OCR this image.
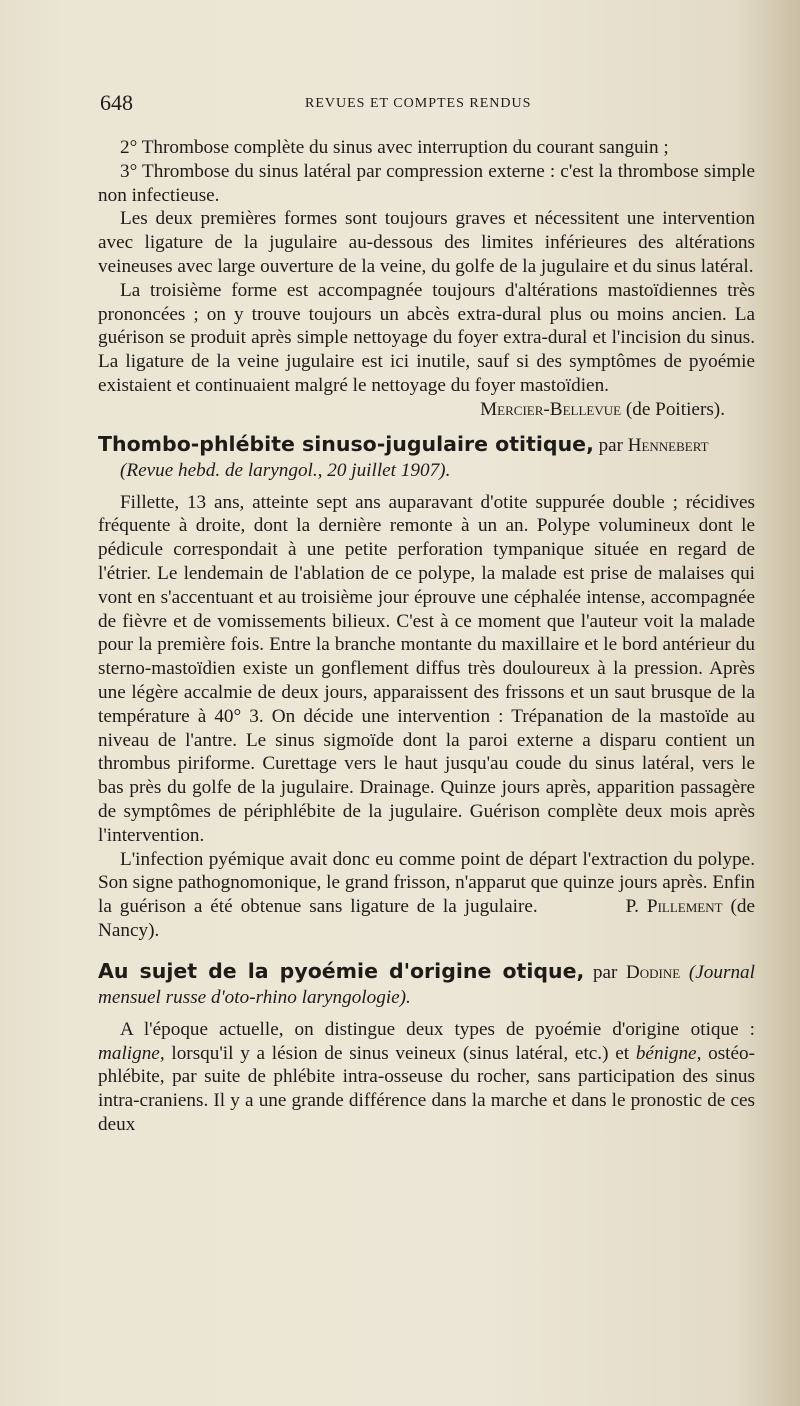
648	REVUES ET COMPTES RENDUS

2° Thrombose complète du sinus avec interruption du courant sanguin ;

3° Thrombose du sinus latéral par compression externe : c'est la thrombose simple non infectieuse.

Les deux premières formes sont toujours graves et nécessitent une intervention avec ligature de la jugulaire au-dessous des limites inférieures des altérations veineuses avec large ouverture de la veine, du golfe de la jugulaire et du sinus latéral.

La troisième forme est accompagnée toujours d'altérations mastoïdiennes très prononcées ; on y trouve toujours un abcès extra-dural plus ou moins ancien. La guérison se produit après simple nettoyage du foyer extra-dural et l'incision du sinus. La ligature de la veine jugulaire est ici inutile, sauf si des symptômes de pyoémie existaient et continuaient malgré le nettoyage du foyer mastoïdien.

Mercier-Bellevue (de Poitiers).

Thombo-phlébite sinuso-jugulaire otitique, par Hennebert
(Revue hebd. de laryngol., 20 juillet 1907).

Fillette, 13 ans, atteinte sept ans auparavant d'otite suppurée double ; récidives fréquente à droite, dont la dernière remonte à un an. Polype volumineux dont le pédicule correspondait à une petite perforation tympanique située en regard de l'étrier. Le lendemain de l'ablation de ce polype, la malade est prise de malaises qui vont en s'accentuant et au troisième jour éprouve une céphalée intense, accompagnée de fièvre et de vomissements bilieux. C'est à ce moment que l'auteur voit la malade pour la première fois. Entre la branche montante du maxillaire et le bord antérieur du sterno-mastoïdien existe un gonflement diffus très douloureux à la pression. Après une légère accalmie de deux jours, apparaissent des frissons et un saut brusque de la température à 40° 3. On décide une intervention : Trépanation de la mastoïde au niveau de l'antre. Le sinus sigmoïde dont la paroi externe a disparu contient un thrombus piriforme. Curettage vers le haut jusqu'au coude du sinus latéral, vers le bas près du golfe de la jugulaire. Drainage. Quinze jours après, apparition passagère de symptômes de périphlébite de la jugulaire. Guérison complète deux mois après l'intervention.

L'infection pyémique avait donc eu comme point de départ l'extraction du polype. Son signe pathognomonique, le grand frisson, n'apparut que quinze jours après. Enfin la guérison a été obtenue sans ligature de la jugulaire.	P. Pillement (de Nancy).

Au sujet de la pyoémie d'origine otique, par Dodine (Journal mensuel russe d'oto-rhino laryngologie).

A l'époque actuelle, on distingue deux types de pyoémie d'origine otique : maligne, lorsqu'il y a lésion de sinus veineux (sinus latéral, etc.) et bénigne, ostéo-phlébite, par suite de phlébite intra-osseuse du rocher, sans participation des sinus intra-craniens. Il y a une grande différence dans la marche et dans le pronostic de ces deux
